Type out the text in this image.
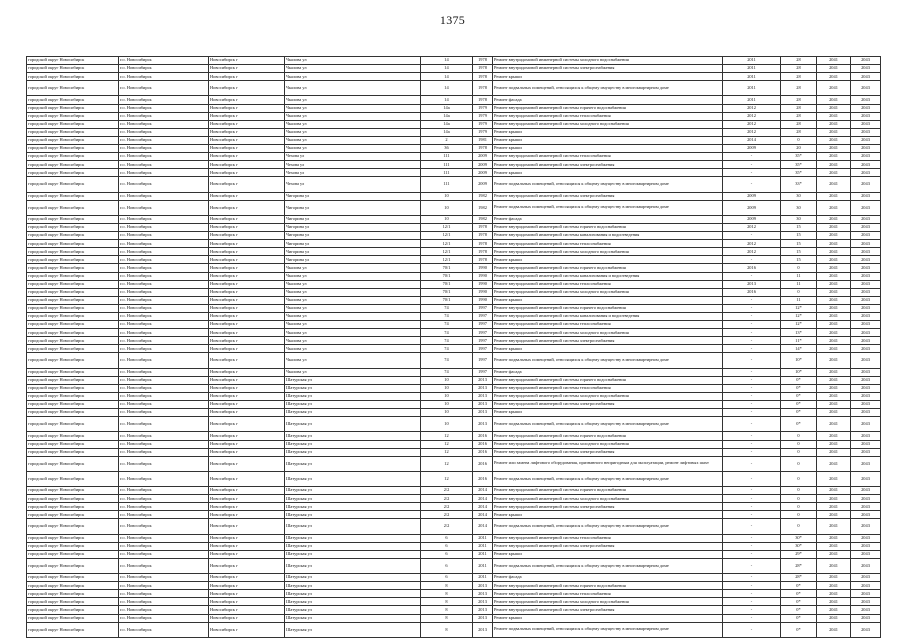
1375
городской округ Новосибирск	г.о. Новосибирск	Новосибирск г	Чкалова ул	14	1978	Ремонт внутридомовой инженерной системы холодного водоснабжения	2011	28	2041	2043
городской округ Новосибирск	г.о. Новосибирск	Новосибирск г	Чкалова ул	14	1978	Ремонт внутридомовой инженерной системы электроснабжения	2011	28	2041	2043
городской округ Новосибирск	г.о. Новосибирск	Новосибирск г	Чкалова ул	14	1978	Ремонт крыши	2011	28	2041	2043
городской округ Новосибирск	г.о. Новосибирск	Новосибирск г	Чкалова ул	14	1978	Ремонт подвальных помещений, относящихся к общему имуществу в многоквартирном доме	2011	28	2041	2043
городской округ Новосибирск	г.о. Новосибирск	Новосибирск г	Чкалова ул	14	1978	Ремонт фасада	2011	28	2041	2043
городской округ Новосибирск	г.о. Новосибирск	Новосибирск г	Чкалова ул	14а	1979	Ремонт внутридомовой инженерной системы горячего водоснабжения	2012	28	2041	2043
городской округ Новосибирск	г.о. Новосибирск	Новосибирск г	Чкалова ул	14а	1979	Ремонт внутридомовой инженерной системы теплоснабжения	2012	28	2041	2043
городской округ Новосибирск	г.о. Новосибирск	Новосибирск г	Чкалова ул	14а	1979	Ремонт внутридомовой инженерной системы холодного водоснабжения	2012	28	2041	2043
городской округ Новосибирск	г.о. Новосибирск	Новосибирск г	Чкалова ул	14а	1979	Ремонт крыши	2012	28	2041	2043
городской округ Новосибирск	г.о. Новосибирск	Новосибирск г	Чкалова ул	2	1981	Ремонт крыши	2014	0	2041	2043
городской округ Новосибирск	г.о. Новосибирск	Новосибирск г	Чкалова ул	36	1978	Ремонт крыши	2009	20	2041	2043
городской округ Новосибирск	г.о. Новосибирск	Новосибирск г	Чехова ул	111	2009	Ремонт внутридомовой инженерной системы теплоснабжения	-	35*	2041	2043
городской округ Новосибирск	г.о. Новосибирск	Новосибирск г	Чехова ул	111	2009	Ремонт внутридомовой инженерной системы электроснабжения	-	35*	2041	2043
городской округ Новосибирск	г.о. Новосибирск	Новосибирск г	Чехова ул	111	2009	Ремонт крыши	-	35*	2041	2043
городской округ Новосибирск	г.о. Новосибирск	Новосибирск г	Чехова ул	111	2009	Ремонт подвальных помещений, относящихся к общему имуществу в многоквартирном доме	-	33*	2041	2043
городской округ Новосибирск	г.о. Новосибирск	Новосибирск г	Чигорина ул	10	1982	Ремонт внутридомовой инженерной системы электроснабжения	2009	30	2041	2043
городской округ Новосибирск	г.о. Новосибирск	Новосибирск г	Чигорина ул	10	1982	Ремонт подвальных помещений, относящихся к общему имуществу в многоквартирном доме	2009	30	2041	2043
городской округ Новосибирск	г.о. Новосибирск	Новосибирск г	Чигорина ул	10	1982	Ремонт фасада	2009	30	2041	2043
городской округ Новосибирск	г.о. Новосибирск	Новосибирск г	Чигорина ул	12/1	1978	Ремонт внутридомовой инженерной системы горячего водоснабжения	2012	15	2041	2043
городской округ Новосибирск	г.о. Новосибирск	Новосибирск г	Чигорина ул	12/1	1978	Ремонт внутридомовой инженерной системы канализования и водоотведения	-	15	2041	2043
городской округ Новосибирск	г.о. Новосибирск	Новосибирск г	Чигорина ул	12/1	1978	Ремонт внутридомовой инженерной системы теплоснабжения	2012	15	2041	2043
городской округ Новосибирск	г.о. Новосибирск	Новосибирск г	Чигорина ул	12/1	1978	Ремонт внутридомовой инженерной системы холодного водоснабжения	2012	15	2041	2043
городской округ Новосибирск	г.о. Новосибирск	Новосибирск г	Чигорина ул	12/1	1978	Ремонт крыши	-	15	2041	2043
городской округ Новосибирск	г.о. Новосибирск	Новосибирск г	Чкалова ул	70/1	1990	Ремонт внутридомовой инженерной системы горячего водоснабжения	2016	0	2041	2043
городской округ Новосибирск	г.о. Новосибирск	Новосибирск г	Чкалова ул	70/1	1990	Ремонт внутридомовой инженерной системы канализования и водоотведения	-	11	2041	2043
городской округ Новосибирск	г.о. Новосибирск	Новосибирск г	Чкалова ул	70/1	1990	Ремонт внутридомовой инженерной системы теплоснабжения	2013	11	2041	2043
городской округ Новосибирск	г.о. Новосибирск	Новосибирск г	Чкалова ул	70/1	1990	Ремонт внутридомовой инженерной системы холодного водоснабжения	2016	0	2041	2043
городской округ Новосибирск	г.о. Новосибирск	Новосибирск г	Чкалова ул	70/1	1990	Ремонт крыши	-	11	2041	2043
городской округ Новосибирск	г.о. Новосибирск	Новосибирск г	Чкалова ул	74	1997	Ремонт внутридомовой инженерной системы горячего водоснабжения	-	12*	2041	2043
городской округ Новосибирск	г.о. Новосибирск	Новосибирск г	Чкалова ул	74	1997	Ремонт внутридомовой инженерной системы канализования и водоотведения	-	12*	2041	2043
городской округ Новосибирск	г.о. Новосибирск	Новосибирск г	Чкалова ул	74	1997	Ремонт внутридомовой инженерной системы теплоснабжения	-	12*	2041	2043
городской округ Новосибирск	г.о. Новосибирск	Новосибирск г	Чкалова ул	74	1997	Ремонт внутридомовой инженерной системы холодного водоснабжения	-	13*	2041	2043
городской округ Новосибирск	г.о. Новосибирск	Новосибирск г	Чкалова ул	74	1997	Ремонт внутридомовой инженерной системы электроснабжения	-	11*	2041	2043
городской округ Новосибирск	г.о. Новосибирск	Новосибирск г	Чкалова ул	74	1997	Ремонт крыши	-	14*	2041	2043
городской округ Новосибирск	г.о. Новосибирск	Новосибирск г	Чкалова ул	74	1997	Ремонт подвальных помещений, относящихся к общему имуществу в многоквартирном доме	-	10*	2041	2043
городской округ Новосибирск	г.о. Новосибирск	Новосибирск г	Чкалова ул	74	1997	Ремонт фасада	-	10*	2041	2043
городской округ Новосибирск	г.о. Новосибирск	Новосибирск г	Шатурская ул	10	2013	Ремонт внутридомовой инженерной системы горячего водоснабжения	-	0*	2041	2043
городской округ Новосибирск	г.о. Новосибирск	Новосибирск г	Шатурская ул	10	2013	Ремонт внутридомовой инженерной системы теплоснабжения	-	0*	2041	2043
городской округ Новосибирск	г.о. Новосибирск	Новосибирск г	Шатурская ул	10	2013	Ремонт внутридомовой инженерной системы холодного водоснабжения	-	0*	2041	2043
городской округ Новосибирск	г.о. Новосибирск	Новосибирск г	Шатурская ул	10	2013	Ремонт внутридомовой инженерной системы электроснабжения	-	0*	2041	2043
городской округ Новосибирск	г.о. Новосибирск	Новосибирск г	Шатурская ул	10	2013	Ремонт крыши	-	0*	2041	2043
городской округ Новосибирск	г.о. Новосибирск	Новосибирск г	Шатурская ул	10	2013	Ремонт подвальных помещений, относящихся к общему имуществу в многоквартирном доме	-	0*	2041	2043
городской округ Новосибирск	г.о. Новосибирск	Новосибирск г	Шатурская ул	12	2016	Ремонт внутридомовой инженерной системы горячего водоснабжения	-	0	2041	2043
городской округ Новосибирск	г.о. Новосибирск	Новосибирск г	Шатурская ул	12	2016	Ремонт внутридомовой инженерной системы холодного водоснабжения	-	0	2041	2043
городской округ Новосибирск	г.о. Новосибирск	Новосибирск г	Шатурская ул	12	2016	Ремонт внутридомовой инженерной системы электроснабжения	-	0	2041	2043
городской округ Новосибирск	г.о. Новосибирск	Новосибирск г	Шатурская ул	12	2016	Ремонт или замена лифтового оборудования, признанного непригодным для эксплуатации, ремонт лифтовых шахт	-	0	2041	2043
городской округ Новосибирск	г.о. Новосибирск	Новосибирск г	Шатурская ул	12	2016	Ремонт подвальных помещений, относящихся к общему имуществу в многоквартирном доме	-	0	2041	2043
городской округ Новосибирск	г.о. Новосибирск	Новосибирск г	Шатурская ул	2/2	2014	Ремонт внутридомовой инженерной системы горячего водоснабжения	-	0	2041	2043
городской округ Новосибирск	г.о. Новосибирск	Новосибирск г	Шатурская ул	2/2	2014	Ремонт внутридомовой инженерной системы холодного водоснабжения	-	0	2041	2043
городской округ Новосибирск	г.о. Новосибирск	Новосибирск г	Шатурская ул	2/2	2014	Ремонт внутридомовой инженерной системы электроснабжения	-	0	2041	2043
городской округ Новосибирск	г.о. Новосибирск	Новосибирск г	Шатурская ул	2/2	2014	Ремонт крыши	-	0	2041	2043
городской округ Новосибирск	г.о. Новосибирск	Новосибирск г	Шатурская ул	2/2	2014	Ремонт подвальных помещений, относящихся к общему имуществу в многоквартирном доме	-	0	2041	2043
городской округ Новосибирск	г.о. Новосибирск	Новосибирск г	Шатурская ул	6	2011	Ремонт внутридомовой инженерной системы теплоснабжения	-	30*	2041	2043
городской округ Новосибирск	г.о. Новосибирск	Новосибирск г	Шатурская ул	6	2011	Ремонт внутридомовой инженерной системы электроснабжения	-	30*	2041	2043
городской округ Новосибирск	г.о. Новосибирск	Новосибирск г	Шатурская ул	6	2011	Ремонт крыши	-	29*	2041	2043
городской округ Новосибирск	г.о. Новосибирск	Новосибирск г	Шатурская ул	6	2011	Ремонт подвальных помещений, относящихся к общему имуществу в многоквартирном доме	-	28*	2041	2043
городской округ Новосибирск	г.о. Новосибирск	Новосибирск г	Шатурская ул	6	2011	Ремонт фасада	-	28*	2041	2043
городской округ Новосибирск	г.о. Новосибирск	Новосибирск г	Шатурская ул	8	2013	Ремонт внутридомовой инженерной системы горячего водоснабжения	-	0*	2041	2043
городской округ Новосибирск	г.о. Новосибирск	Новосибирск г	Шатурская ул	8	2013	Ремонт внутридомовой инженерной системы теплоснабжения	-	0*	2041	2043
городской округ Новосибирск	г.о. Новосибирск	Новосибирск г	Шатурская ул	8	2013	Ремонт внутридомовой инженерной системы холодного водоснабжения	-	0*	2041	2043
городской округ Новосибирск	г.о. Новосибирск	Новосибирск г	Шатурская ул	8	2013	Ремонт внутридомовой инженерной системы электроснабжения	-	0*	2041	2043
городской округ Новосибирск	г.о. Новосибирск	Новосибирск г	Шатурская ул	8	2013	Ремонт крыши	-	0*	2041	2043
городской округ Новосибирск	г.о. Новосибирск	Новосибирск г	Шатурская ул	8	2013	Ремонт подвальных помещений, относящихся к общему имуществу в многоквартирном доме	-	0*	2041	2043
